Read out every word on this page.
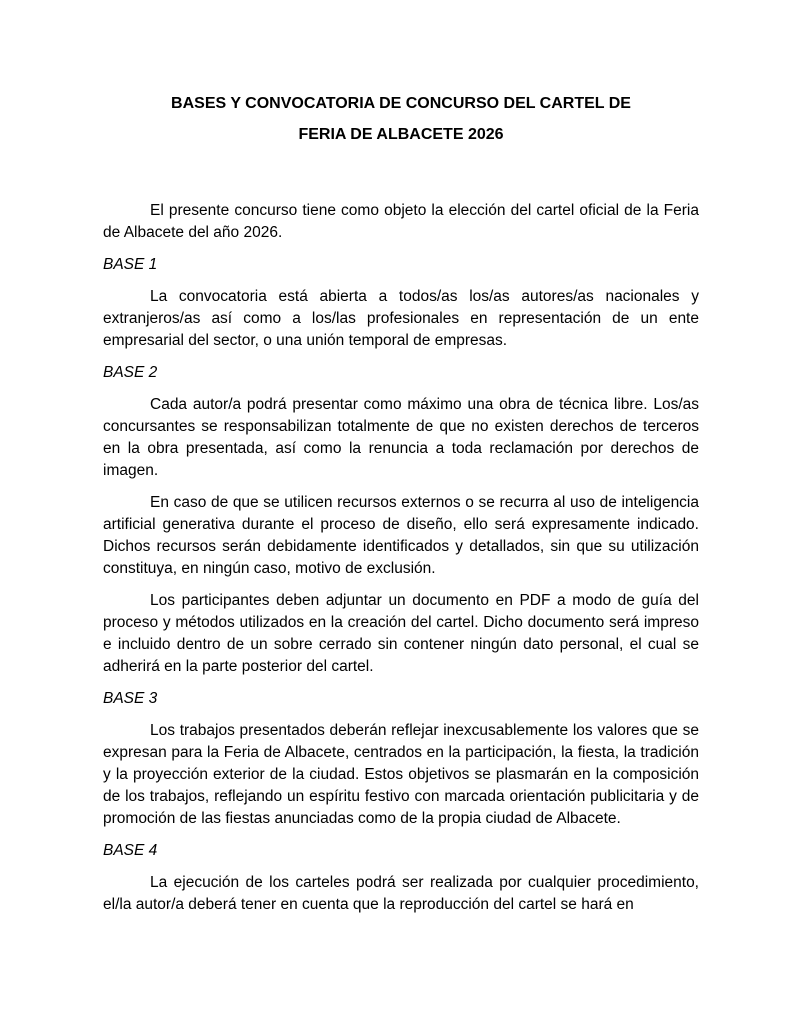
BASES Y CONVOCATORIA DE CONCURSO DEL CARTEL DE
FERIA DE ALBACETE 2026

El presente concurso tiene como objeto la elección del cartel oficial de la Feria de Albacete del año 2026.

BASE 1

La convocatoria está abierta a todos/as los/as autores/as nacionales y extranjeros/as así como a los/las profesionales en representación de un ente empresarial del sector, o una unión temporal de empresas.

BASE 2

Cada autor/a podrá presentar como máximo una obra de técnica libre. Los/as concursantes se responsabilizan totalmente de que no existen derechos de terceros en la obra presentada, así como la renuncia a toda reclamación por derechos de imagen.

En caso de que se utilicen recursos externos o se recurra al uso de inteligencia artificial generativa durante el proceso de diseño, ello será expresamente indicado. Dichos recursos serán debidamente identificados y detallados, sin que su utilización constituya, en ningún caso, motivo de exclusión.

Los participantes deben adjuntar un documento en PDF a modo de guía del proceso y métodos utilizados en la creación del cartel. Dicho documento será impreso e incluido dentro de un sobre cerrado sin contener ningún dato personal, el cual se adherirá en la parte posterior del cartel.

BASE 3

Los trabajos presentados deberán reflejar inexcusablemente los valores que se expresan para la Feria de Albacete, centrados en la participación, la fiesta, la tradición y la proyección exterior de la ciudad. Estos objetivos se plasmarán en la composición de los trabajos, reflejando un espíritu festivo con marcada orientación publicitaria y de promoción de las fiestas anunciadas como de la propia ciudad de Albacete.

BASE 4

La ejecución de los carteles podrá ser realizada por cualquier procedimiento, el/la autor/a deberá tener en cuenta que la reproducción del cartel se hará en
